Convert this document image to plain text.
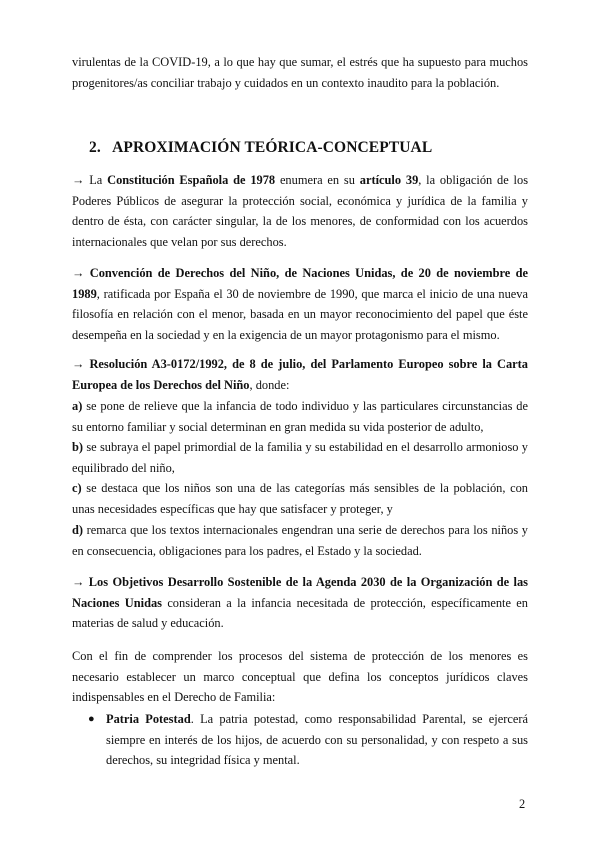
virulentas de la COVID-19, a lo que hay que sumar, el estrés que ha supuesto para muchos progenitores/as conciliar trabajo y cuidados en un contexto inaudito para la población.
2. APROXIMACIÓN TEÓRICA-CONCEPTUAL
→ La Constitución Española de 1978 enumera en su artículo 39, la obligación de los Poderes Públicos de asegurar la protección social, económica y jurídica de la familia y dentro de ésta, con carácter singular, la de los menores, de conformidad con los acuerdos internacionales que velan por sus derechos.
→ Convención de Derechos del Niño, de Naciones Unidas, de 20 de noviembre de 1989, ratificada por España el 30 de noviembre de 1990, que marca el inicio de una nueva filosofía en relación con el menor, basada en un mayor reconocimiento del papel que éste desempeña en la sociedad y en la exigencia de un mayor protagonismo para el mismo.
→ Resolución A3-0172/1992, de 8 de julio, del Parlamento Europeo sobre la Carta Europea de los Derechos del Niño, donde:
a) se pone de relieve que la infancia de todo individuo y las particulares circunstancias de su entorno familiar y social determinan en gran medida su vida posterior de adulto,
b) se subraya el papel primordial de la familia y su estabilidad en el desarrollo armonioso y equilibrado del niño,
c) se destaca que los niños son una de las categorías más sensibles de la población, con unas necesidades específicas que hay que satisfacer y proteger, y
d) remarca que los textos internacionales engendran una serie de derechos para los niños y en consecuencia, obligaciones para los padres, el Estado y la sociedad.
→ Los Objetivos Desarrollo Sostenible de la Agenda 2030 de la Organización de las Naciones Unidas consideran a la infancia necesitada de protección, específicamente en materias de salud y educación.
Con el fin de comprender los procesos del sistema de protección de los menores es necesario establecer un marco conceptual que defina los conceptos jurídicos claves indispensables en el Derecho de Familia:
● Patria Potestad. La patria potestad, como responsabilidad Parental, se ejercerá siempre en interés de los hijos, de acuerdo con su personalidad, y con respeto a sus derechos, su integridad física y mental.
2
